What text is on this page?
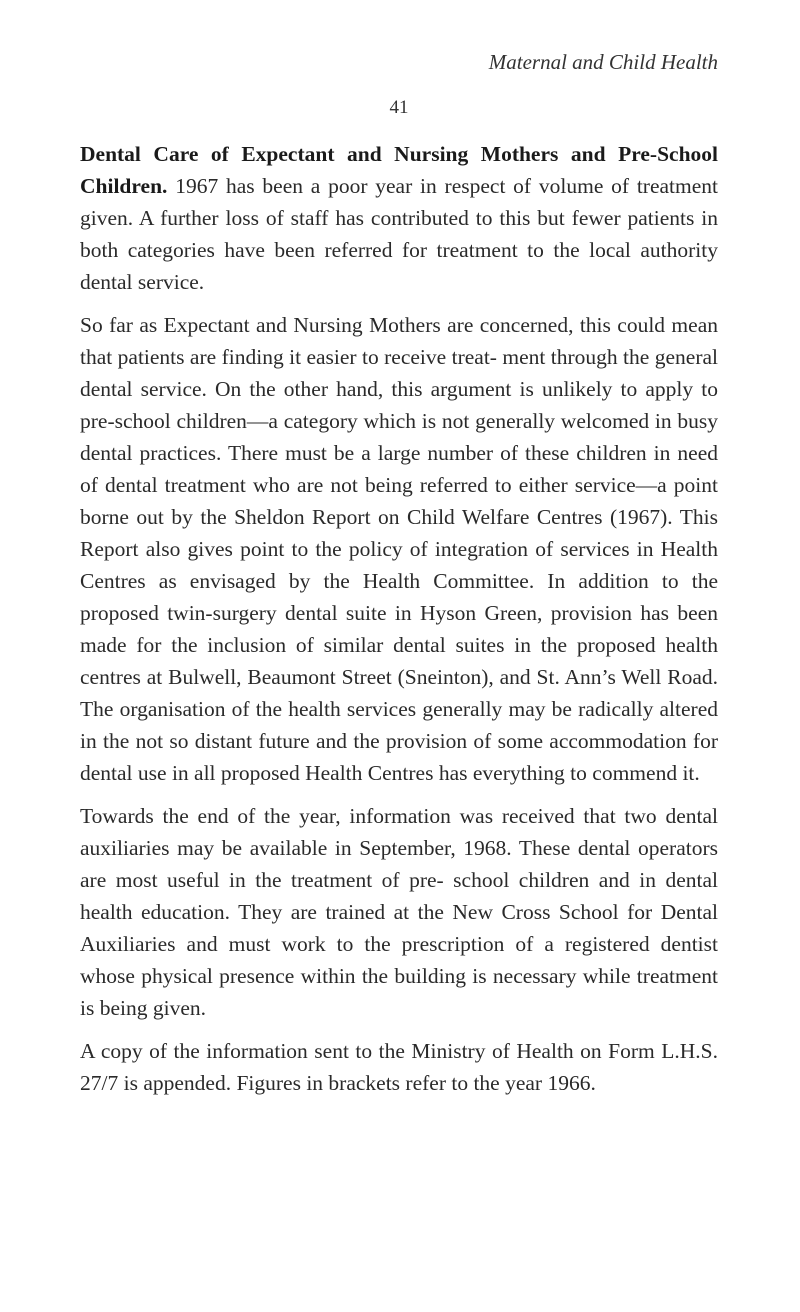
Maternal and Child Health
41

Dental Care of Expectant and Nursing Mothers and Pre-School Children. 1967 has been a poor year in respect of volume of treatment given. A further loss of staff has contributed to this but fewer patients in both categories have been referred for treatment to the local authority dental service.

So far as Expectant and Nursing Mothers are concerned, this could mean that patients are finding it easier to receive treat- ment through the general dental service. On the other hand, this argument is unlikely to apply to pre-school children—a category which is not generally welcomed in busy dental practices. There must be a large number of these children in need of dental treatment who are not being referred to either service—a point borne out by the Sheldon Report on Child Welfare Centres (1967). This Report also gives point to the policy of integration of services in Health Centres as envisaged by the Health Committee. In addition to the proposed twin-surgery dental suite in Hyson Green, provision has been made for the inclusion of similar dental suites in the proposed health centres at Bulwell, Beaumont Street (Sneinton), and St. Ann’s Well Road. The organisation of the health services generally may be radically altered in the not so distant future and the provision of some accommodation for dental use in all proposed Health Centres has everything to commend it.

Towards the end of the year, information was received that two dental auxiliaries may be available in September, 1968. These dental operators are most useful in the treatment of pre- school children and in dental health education. They are trained at the New Cross School for Dental Auxiliaries and must work to the prescription of a registered dentist whose physical presence within the building is necessary while treatment is being given.

A copy of the information sent to the Ministry of Health on Form L.H.S. 27/7 is appended. Figures in brackets refer to the year 1966.
